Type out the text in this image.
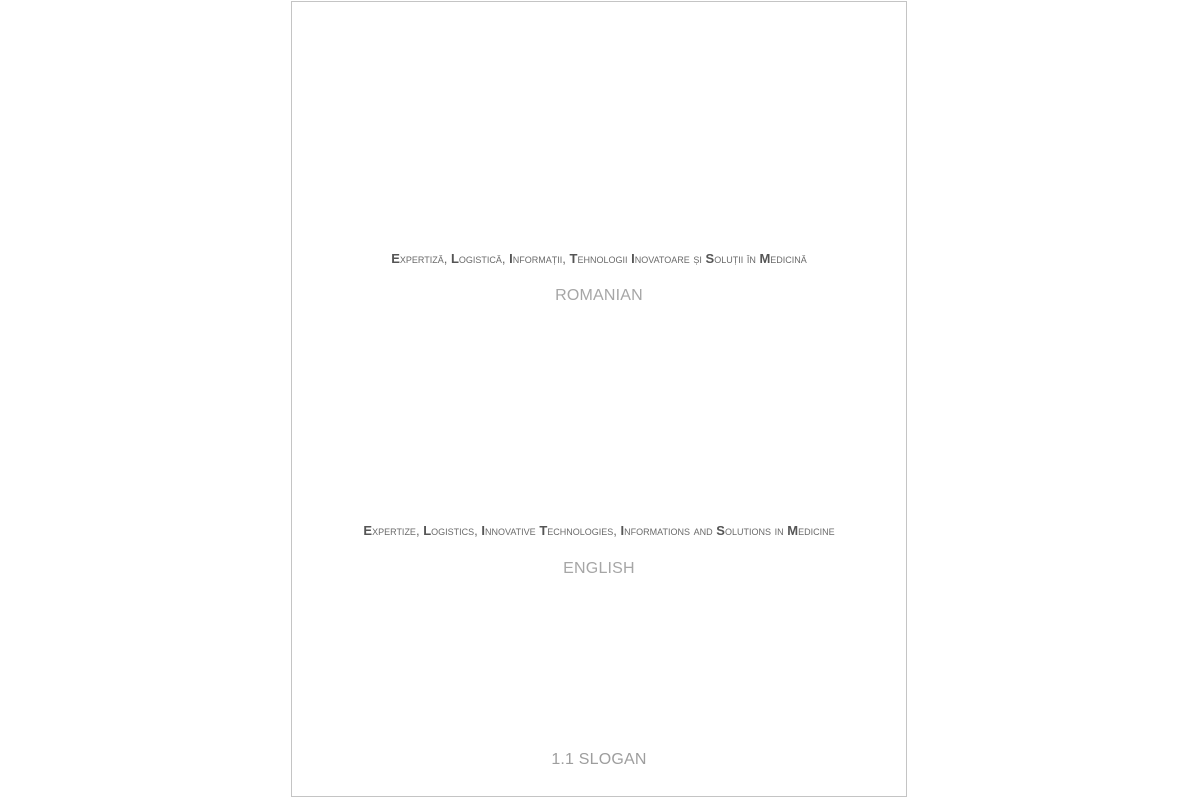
Expertiză, Logistică, Informații, Tehnologii Inovatoare și Soluții în Medicină
ROMANIAN
Expertize, Logistics, Innovative Technologies, Informations and Solutions in Medicine
ENGLISH
1.1 SLOGAN
